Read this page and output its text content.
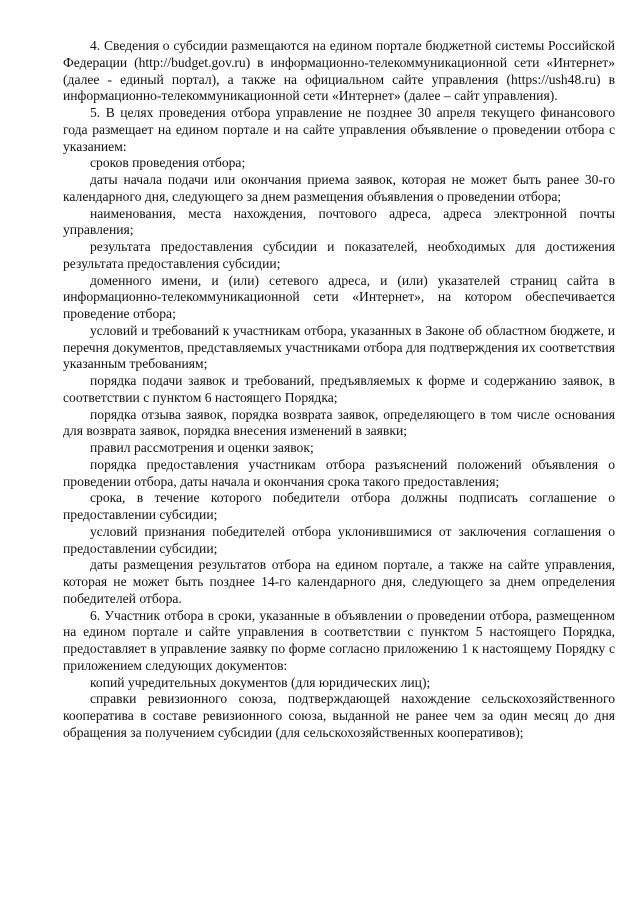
4. Сведения о субсидии размещаются на едином портале бюджетной системы Российской Федерации (http://budget.gov.ru) в информационно-телекоммуникационной сети «Интернет» (далее - единый портал), а также на официальном сайте управления (https://ush48.ru) в информационно-телекоммуникационной сети «Интернет» (далее – сайт управления).

5. В целях проведения отбора управление не позднее 30 апреля текущего финансового года размещает на едином портале и на сайте управления объявление о проведении отбора с указанием:

сроков проведения отбора;

даты начала подачи или окончания приема заявок, которая не может быть ранее 30-го календарного дня, следующего за днем размещения объявления о проведении отбора;

наименования, места нахождения, почтового адреса, адреса электронной почты управления;

результата предоставления субсидии и показателей, необходимых для достижения результата предоставления субсидии;

доменного имени, и (или) сетевого адреса, и (или) указателей страниц сайта в информационно-телекоммуникационной сети «Интернет», на котором обеспечивается проведение отбора;

условий и требований к участникам отбора, указанных в Законе об областном бюджете, и перечня документов, представляемых участниками отбора для подтверждения их соответствия указанным требованиям;

порядка подачи заявок и требований, предъявляемых к форме и содержанию заявок, в соответствии с пунктом 6 настоящего Порядка;

порядка отзыва заявок, порядка возврата заявок, определяющего в том числе основания для возврата заявок, порядка внесения изменений в заявки;

правил рассмотрения и оценки заявок;

порядка предоставления участникам отбора разъяснений положений объявления о проведении отбора, даты начала и окончания срока такого предоставления;

срока, в течение которого победители отбора должны подписать соглашение о предоставлении субсидии;

условий признания победителей отбора уклонившимися от заключения соглашения о предоставлении субсидии;

даты размещения результатов отбора на едином портале, а также на сайте управления, которая не может быть позднее 14-го календарного дня, следующего за днем определения победителей отбора.

6. Участник отбора в сроки, указанные в объявлении о проведении отбора, размещенном на едином портале и сайте управления в соответствии с пунктом 5 настоящего Порядка, предоставляет в управление заявку по форме согласно приложению 1 к настоящему Порядку с приложением следующих документов:

копий учредительных документов (для юридических лиц);

справки ревизионного союза, подтверждающей нахождение сельскохозяйственного кооператива в составе ревизионного союза, выданной не ранее чем за один месяц до дня обращения за получением субсидии (для сельскохозяйственных кооперативов);
